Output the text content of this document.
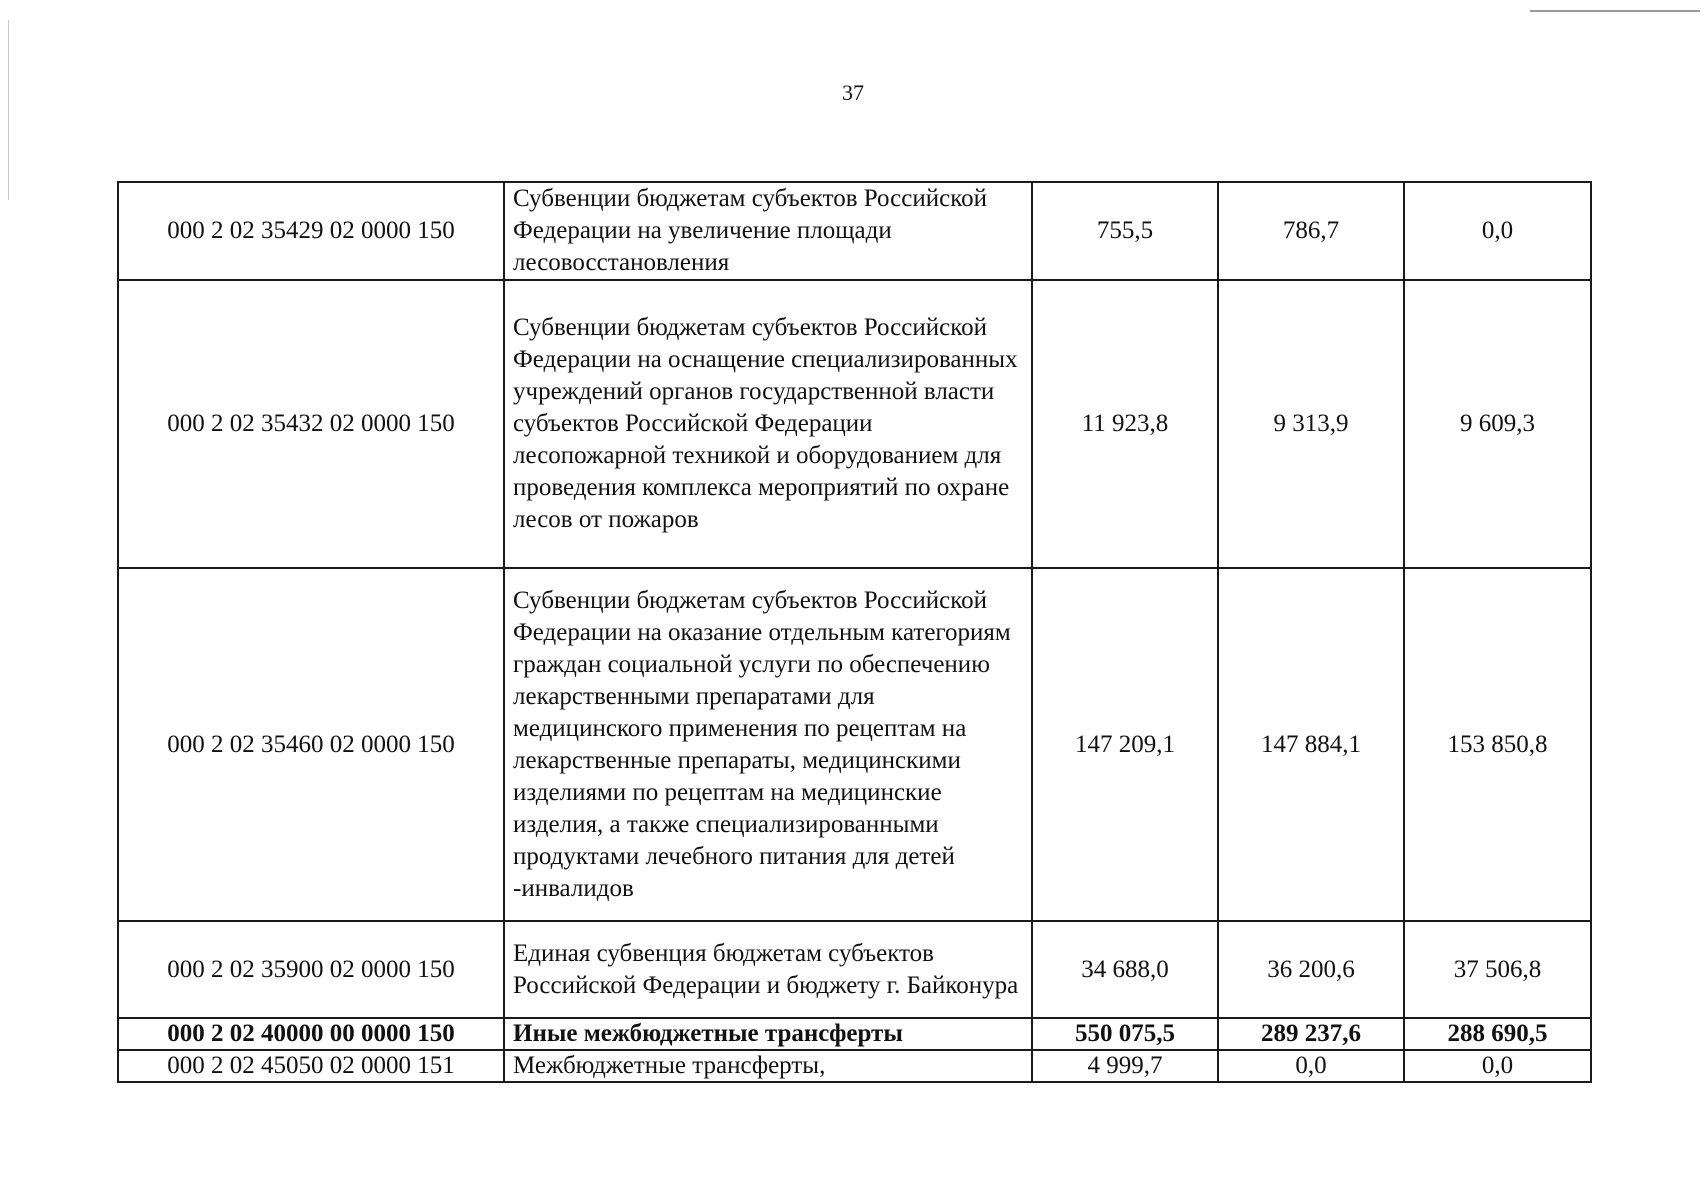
37
000 2 02 35429 02 0000 150	Субвенции бюджетам субъектов Российской Федерации на увеличение площади лесовосстановления	755,5	786,7	0,0
000 2 02 35432 02 0000 150	Субвенции бюджетам субъектов Российской Федерации на оснащение специализированных учреждений органов государственной власти субъектов Российской Федерации лесопожарной техникой и оборудованием для проведения комплекса мероприятий по охране лесов от пожаров	11 923,8	9 313,9	9 609,3
000 2 02 35460 02 0000 150	Субвенции бюджетам субъектов Российской Федерации на оказание отдельным категориям граждан социальной услуги по обеспечению лекарственными препаратами для медицинского применения по рецептам на лекарственные препараты, медицинскими изделиями по рецептам на медицинские изделия, а также специализированными продуктами лечебного питания для детей -инвалидов	147 209,1	147 884,1	153 850,8
000 2 02 35900 02 0000 150	Единая субвенция бюджетам субъектов Российской Федерации и бюджету г. Байконура	34 688,0	36 200,6	37 506,8
000 2 02 40000 00 0000 150	Иные межбюджетные трансферты	550 075,5	289 237,6	288 690,5
000 2 02 45050 02 0000 151	Межбюджетные трансферты,	4 999,7	0,0	0,0
